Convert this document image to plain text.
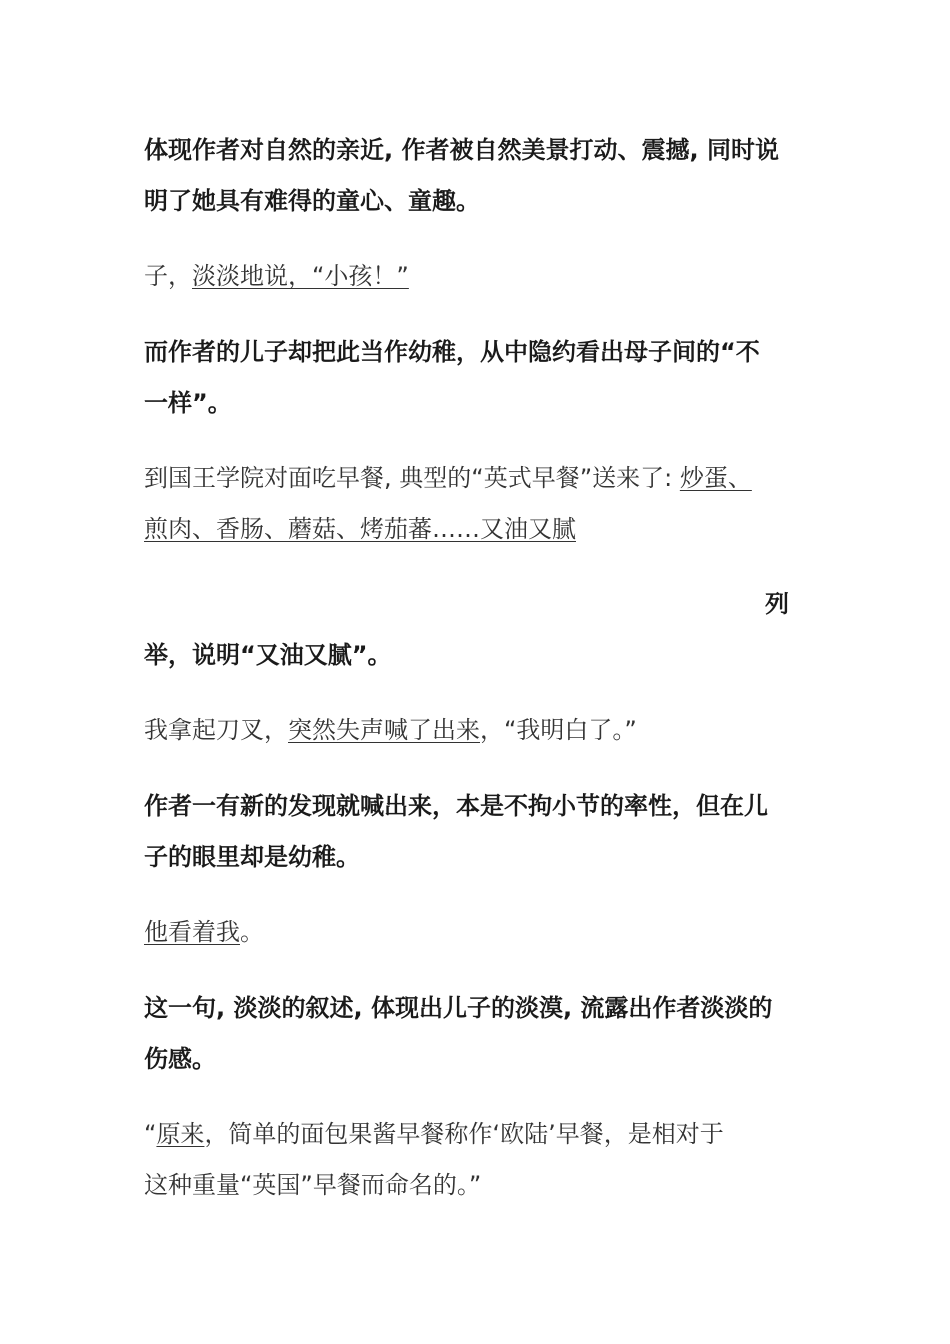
体现作者对自然的亲近, 作者被自然美景打动、震撼, 同时说
明了她具有难得的童心、童趣。
子，淡淡地说，“小孩！”
而作者的儿子却把此当作幼稚，从中隐约看出母子间的“不
一样”。
到国王学院对面吃早餐, 典型的“英式早餐”送来了: 炒蛋、
煎肉、香肠、蘑菇、烤茄蕃……又油又腻
列
举，说明“又油又腻”。
我拿起刀叉，突然失声喊了出来，“我明白了。”
作者一有新的发现就喊出来，本是不拘小节的率性，但在儿
子的眼里却是幼稚。
他看着我。
这一句, 淡淡的叙述, 体现出儿子的淡漠, 流露出作者淡淡的
伤感。
“原来，简单的面包果酱早餐称作‘欧陆’早餐，是相对于
这种重量“英国”早餐而命名的。”
